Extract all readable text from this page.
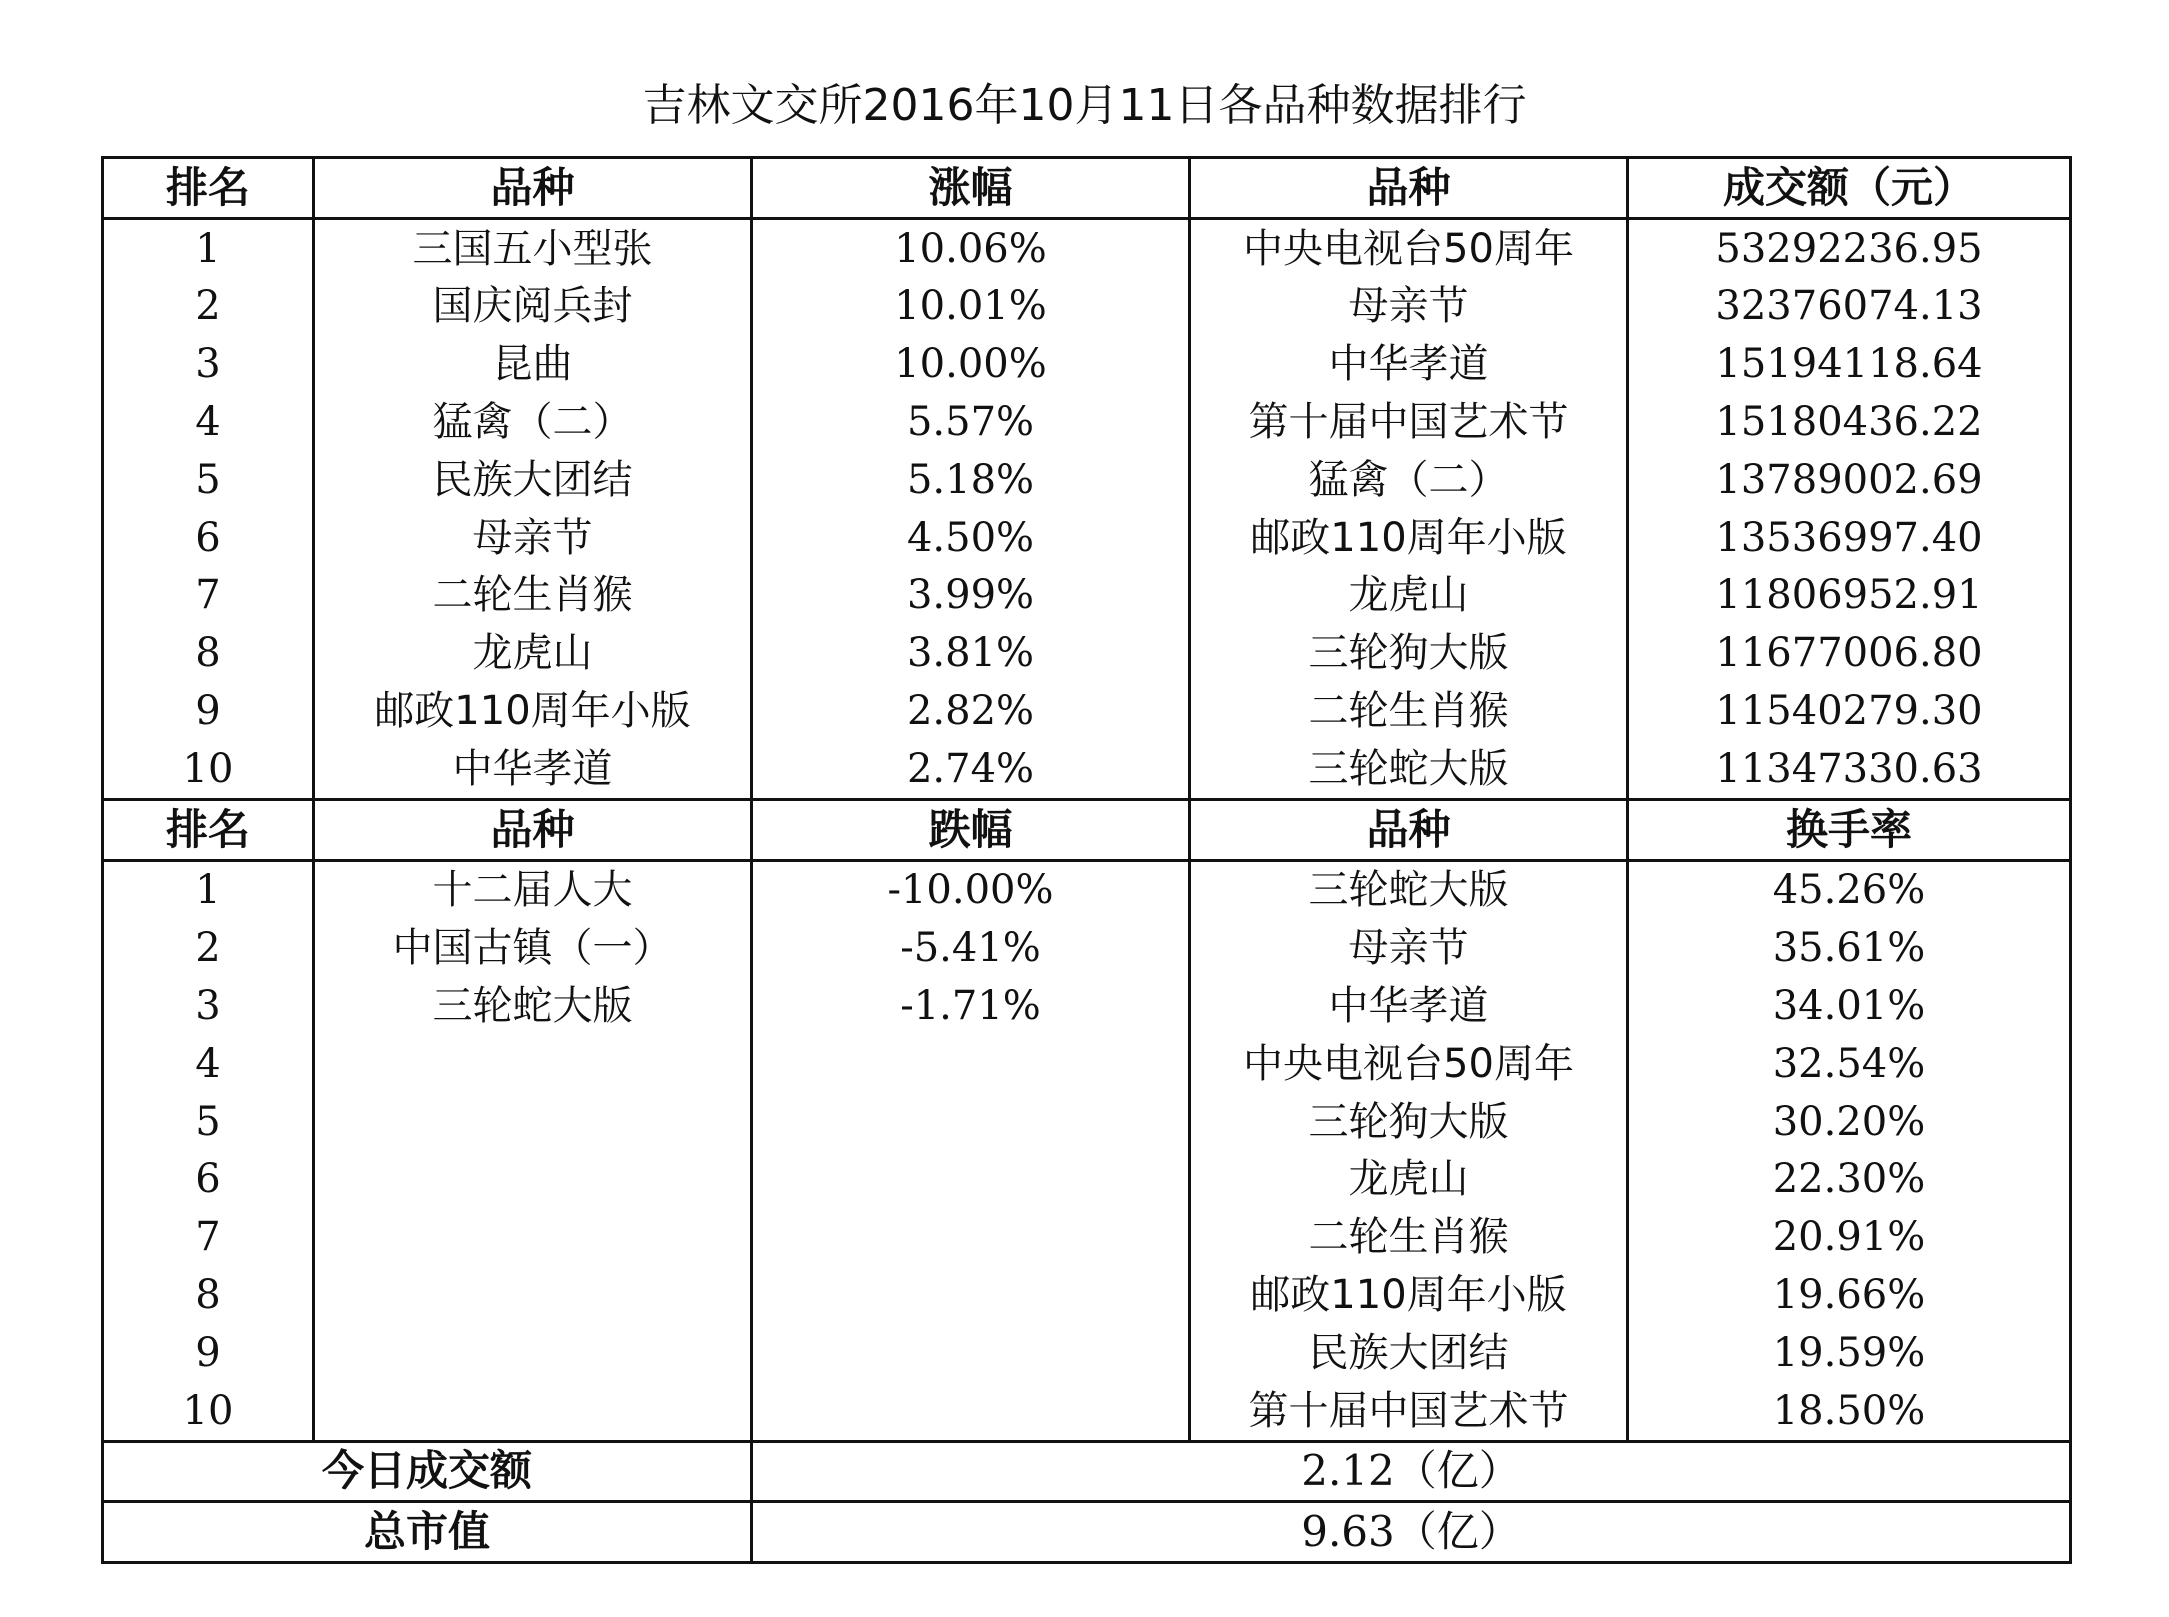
吉林文交所2016年10月11日各品种数据排行
排名	品种	涨幅	品种	成交额（元）
1	三国五小型张	10.06%	中央电视台50周年	53292236.95
2	国庆阅兵封	10.01%	母亲节	32376074.13
3	昆曲	10.00%	中华孝道	15194118.64
4	猛禽（二）	5.57%	第十届中国艺术节	15180436.22
5	民族大团结	5.18%	猛禽（二）	13789002.69
6	母亲节	4.50%	邮政110周年小版	13536997.40
7	二轮生肖猴	3.99%	龙虎山	11806952.91
8	龙虎山	3.81%	三轮狗大版	11677006.80
9	邮政110周年小版	2.82%	二轮生肖猴	11540279.30
10	中华孝道	2.74%	三轮蛇大版	11347330.63
排名	品种	跌幅	品种	换手率
1	十二届人大	-10.00%	三轮蛇大版	45.26%
2	中国古镇（一）	-5.41%	母亲节	35.61%
3	三轮蛇大版	-1.71%	中华孝道	34.01%
4			中央电视台50周年	32.54%
5			三轮狗大版	30.20%
6			龙虎山	22.30%
7			二轮生肖猴	20.91%
8			邮政110周年小版	19.66%
9			民族大团结	19.59%
10			第十届中国艺术节	18.50%
今日成交额		2.12（亿）		
总市值		9.63（亿）		
